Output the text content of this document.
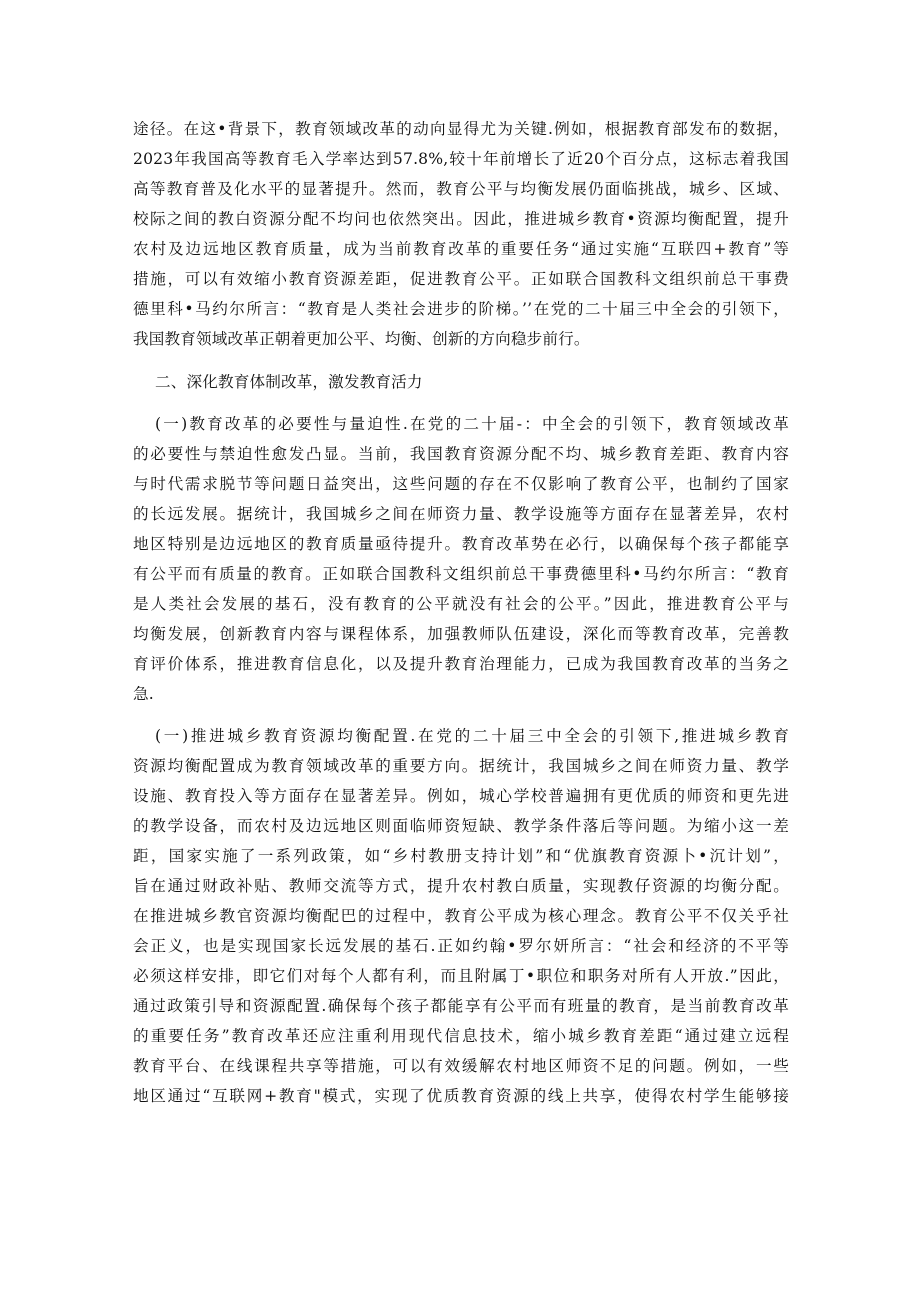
途径。在这•背景下，教育领域改革的动向显得尤为关键.例如，根据教育部发布的数据，
2023年我国高等教育毛入学率达到57.8%,较十年前增长了近20个百分点，这标志着我国
高等教育普及化水平的显著提升。然而，教育公平与均衡发展仍面临挑战，城乡、区域、
校际之间的教白资源分配不均问也依然突出。因此，推进城乡教育•资源均衡配置，提升
农村及边远地区教育质量，成为当前教育改革的重要任务“通过实施“互联四+教育”等
措施，可以有效缩小教育资源差距，促进教育公平。正如联合国教科文组织前总干事费
德里科•马约尔所言：“教育是人类社会进步的阶梯。’’在党的二十届三中全会的引领下，
我国教育领域改革正朝着更加公平、均衡、创新的方向稳步前行。
二、深化教育体制改革，激发教育活力
(一)教育改革的必要性与量迫性.在党的二十届-：中全会的引领下，教育领域改革
的必要性与禁迫性愈发凸显。当前，我国教育资源分配不均、城乡教育差距、教育内容
与时代需求脱节等问题日益突出，这些问题的存在不仅影响了教育公平，也制约了国家
的长远发展。据统计，我国城乡之间在师资力量、教学设施等方面存在显著差异，农村
地区特别是边远地区的教育质量亟待提升。教育改革势在必行，以确保每个孩子都能享
有公平而有质量的教育。正如联合国教科文组织前总干事费德里科•马约尔所言：“教育
是人类社会发展的基石，没有教育的公平就没有社会的公平。”因此，推进教育公平与
均衡发展，创新教育内容与课程体系，加强教师队伍建设，深化而等教育改革，完善教
育评价体系，推进教育信息化，以及提升教育治理能力，已成为我国教育改革的当务之
急.
(一)推进城乡教育资源均衡配置.在党的二十届三中全会的引领下,推进城乡教育
资源均衡配置成为教育领域改革的重要方向。据统计，我国城乡之间在师资力量、教学
设施、教育投入等方面存在显著差异。例如，城心学校普遍拥有更优质的师资和更先进
的教学设备，而农村及边远地区则面临师资短缺、教学条件落后等问题。为缩小这一差
距，国家实施了一系列政策，如“乡村教册支持计划”和“优旗教育资源卜•沉计划”，
旨在通过财政补贴、教师交流等方式，提升农村教白质量，实现教仔资源的均衡分配。
在推进城乡教官资源均衡配巴的过程中，教育公平成为核心理念。教育公平不仅关乎社
会正义，也是实现国家长远发展的基石.正如约翰•罗尔妍所言：“社会和经济的不平等
必须这样安排，即它们对每个人都有利，而且附属丁•职位和职务对所有人开放.”因此，
通过政策引导和资源配置.确保每个孩子都能享有公平而有班量的教育，是当前教育改革
的重要任务”教育改革还应注重利用现代信息技术，缩小城乡教育差距“通过建立远程
教育平台、在线课程共享等措施，可以有效缓解农村地区师资不足的问题。例如，一些
地区通过“互联网+教育"模式，实现了优质教育资源的线上共享，使得农村学生能够接
